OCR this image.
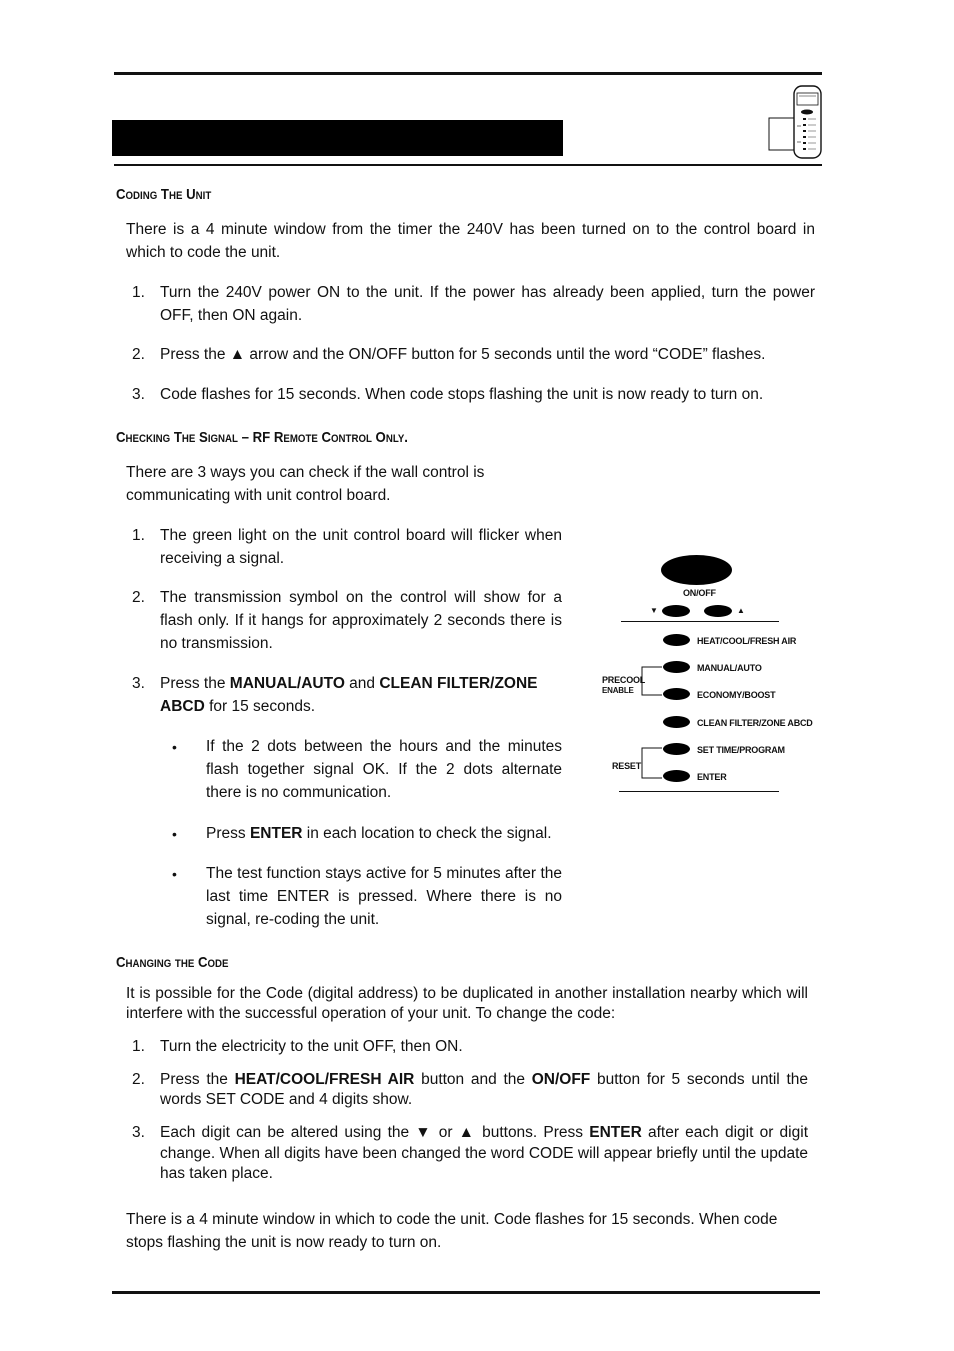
Coding The Unit

There is a 4 minute window from the timer the 240V has been turned on to the control board in which to code the unit.

1. Turn the 240V power ON to the unit. If the power has already been applied, turn the power OFF, then ON again.

2. Press the ▲ arrow and the ON/OFF button for 5 seconds until the word “CODE” flashes.

3. Code flashes for 15 seconds. When code stops flashing the unit is now ready to turn on.

Checking The Signal – RF Remote Control Only.

There are 3 ways you can check if the wall control is communicating with unit control board.

1. The green light on the unit control board will flicker when receiving a signal.

2. The transmission symbol on the control will show for a flash only. If it hangs for approximately 2 seconds there is no transmission.

3. Press the MANUAL/AUTO and CLEAN FILTER/ZONE ABCD for 15 seconds.

• If the 2 dots between the hours and the minutes flash together signal OK. If the 2 dots alternate there is no communication.

• Press ENTER in each location to check the signal.

• The test function stays active for 5 minutes after the last time ENTER is pressed. Where there is no signal, re-coding the unit.

ON/OFF
▼	▲
HEAT/COOL/FRESH AIR
MANUAL/AUTO
ECONOMY/BOOST
CLEAN FILTER/ZONE ABCD
SET TIME/PROGRAM
ENTER
PRECOOL
ENABLE
RESET
Changing the Code

It is possible for the Code (digital address) to be duplicated in another installation nearby which will interfere with the successful operation of your unit. To change the code:

1. Turn the electricity to the unit OFF, then ON.

2. Press the HEAT/COOL/FRESH AIR button and the ON/OFF button for 5 seconds until the words SET CODE and 4 digits show.

3. Each digit can be altered using the ▼ or ▲ buttons. Press ENTER after each digit or digit change. When all digits have been changed the word CODE will appear briefly until the update has taken place.

There is a 4 minute window in which to code the unit. Code flashes for 15 seconds. When code stops flashing the unit is now ready to turn on.
